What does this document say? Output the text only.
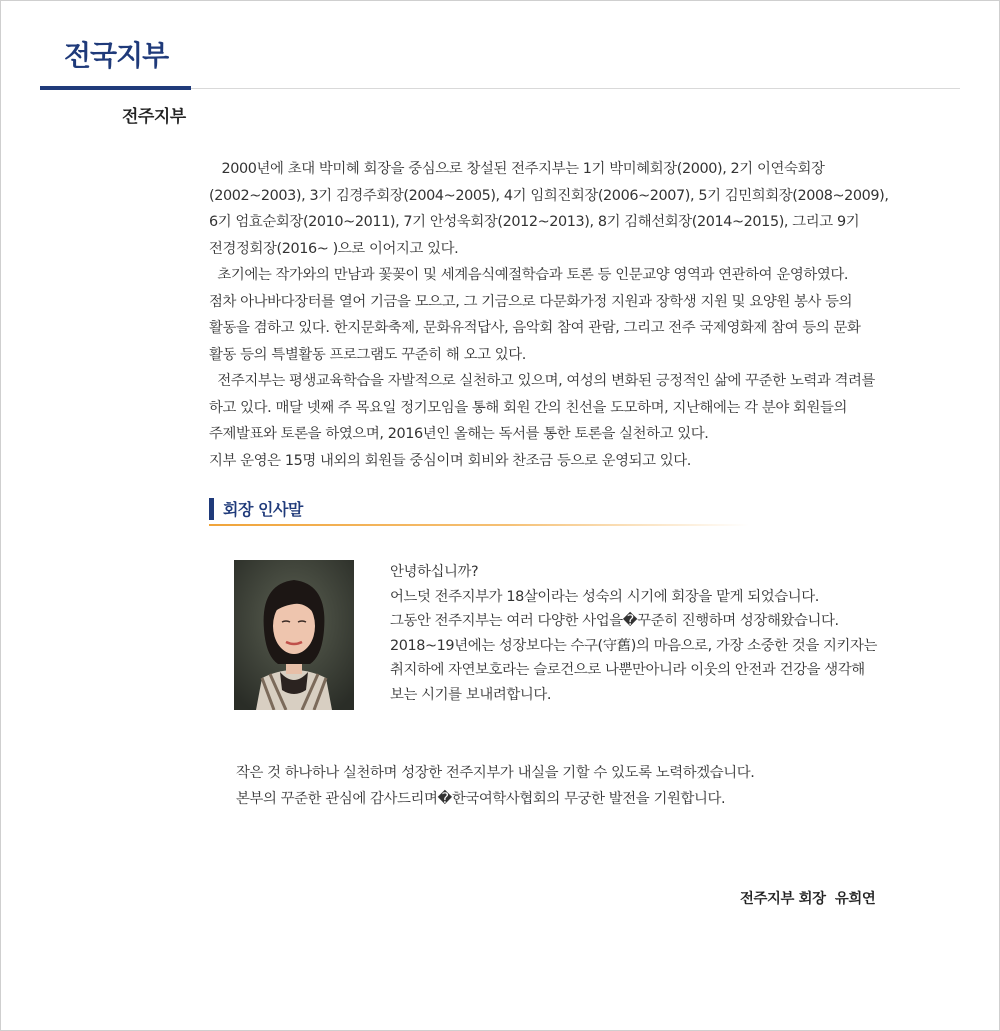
전국지부
전주지부

2000년에 초대 박미혜 회장을 중심으로 창설된 전주지부는 1기 박미혜회장(2000), 2기 이연숙회장

(2002~2003), 3기 김경주회장(2004~2005), 4기 임희진회장(2006~2007), 5기 김민희회장(2008~2009),

6기 엄효순회장(2010~2011), 7기 안성욱회장(2012~2013), 8기 김해선회장(2014~2015), 그리고 9기

전경정회장(2016~ )으로 이어지고 있다.

초기에는 작가와의 만남과 꽃꽂이 및 세계음식예절학습과 토론 등 인문교양 영역과 연관하여 운영하였다.

점차 아나바다장터를 열어 기금을 모으고, 그 기금으로 다문화가정 지원과 장학생 지원 및 요양원 봉사 등의

활동을 겸하고 있다. 한지문화축제, 문화유적답사, 음악회 참여 관람, 그리고 전주 국제영화제 참여 등의 문화

활동 등의 특별활동 프로그램도 꾸준히 해 오고 있다.

전주지부는 평생교육학습을 자발적으로 실천하고 있으며, 여성의 변화된 긍정적인 삶에 꾸준한 노력과 격려를

하고 있다. 매달 넷째 주 목요일 정기모임을 통해 회원 간의 친선을 도모하며, 지난해에는 각 분야 회원들의

주제발표와 토론을 하였으며, 2016년인 올해는 독서를 통한 토론을 실천하고 있다.

지부 운영은 15명 내외의 회원들 중심이며 회비와 찬조금 등으로 운영되고 있다.

회장 인사말

안녕하십니까?

어느덧 전주지부가 18살이라는 성숙의 시기에 회장을 맡게 되었습니다.

그동안 전주지부는 여러 다양한 사업을�꾸준히 진행하며 성장해왔습니다.

2018~19년에는 성장보다는 수구(守舊)의 마음으로, 가장 소중한 것을 지키자는

취지하에 자연보호라는 슬로건으로 나뿐만아니라 이웃의 안전과 건강을 생각해

보는 시기를 보내려합니다.

작은 것 하나하나 실천하며 성장한 전주지부가 내실을 기할 수 있도록 노력하겠습니다.

본부의 꾸준한 관심에 감사드리며�한국여학사협회의 무궁한 발전을 기원합니다.

전주지부 회장  유희연
